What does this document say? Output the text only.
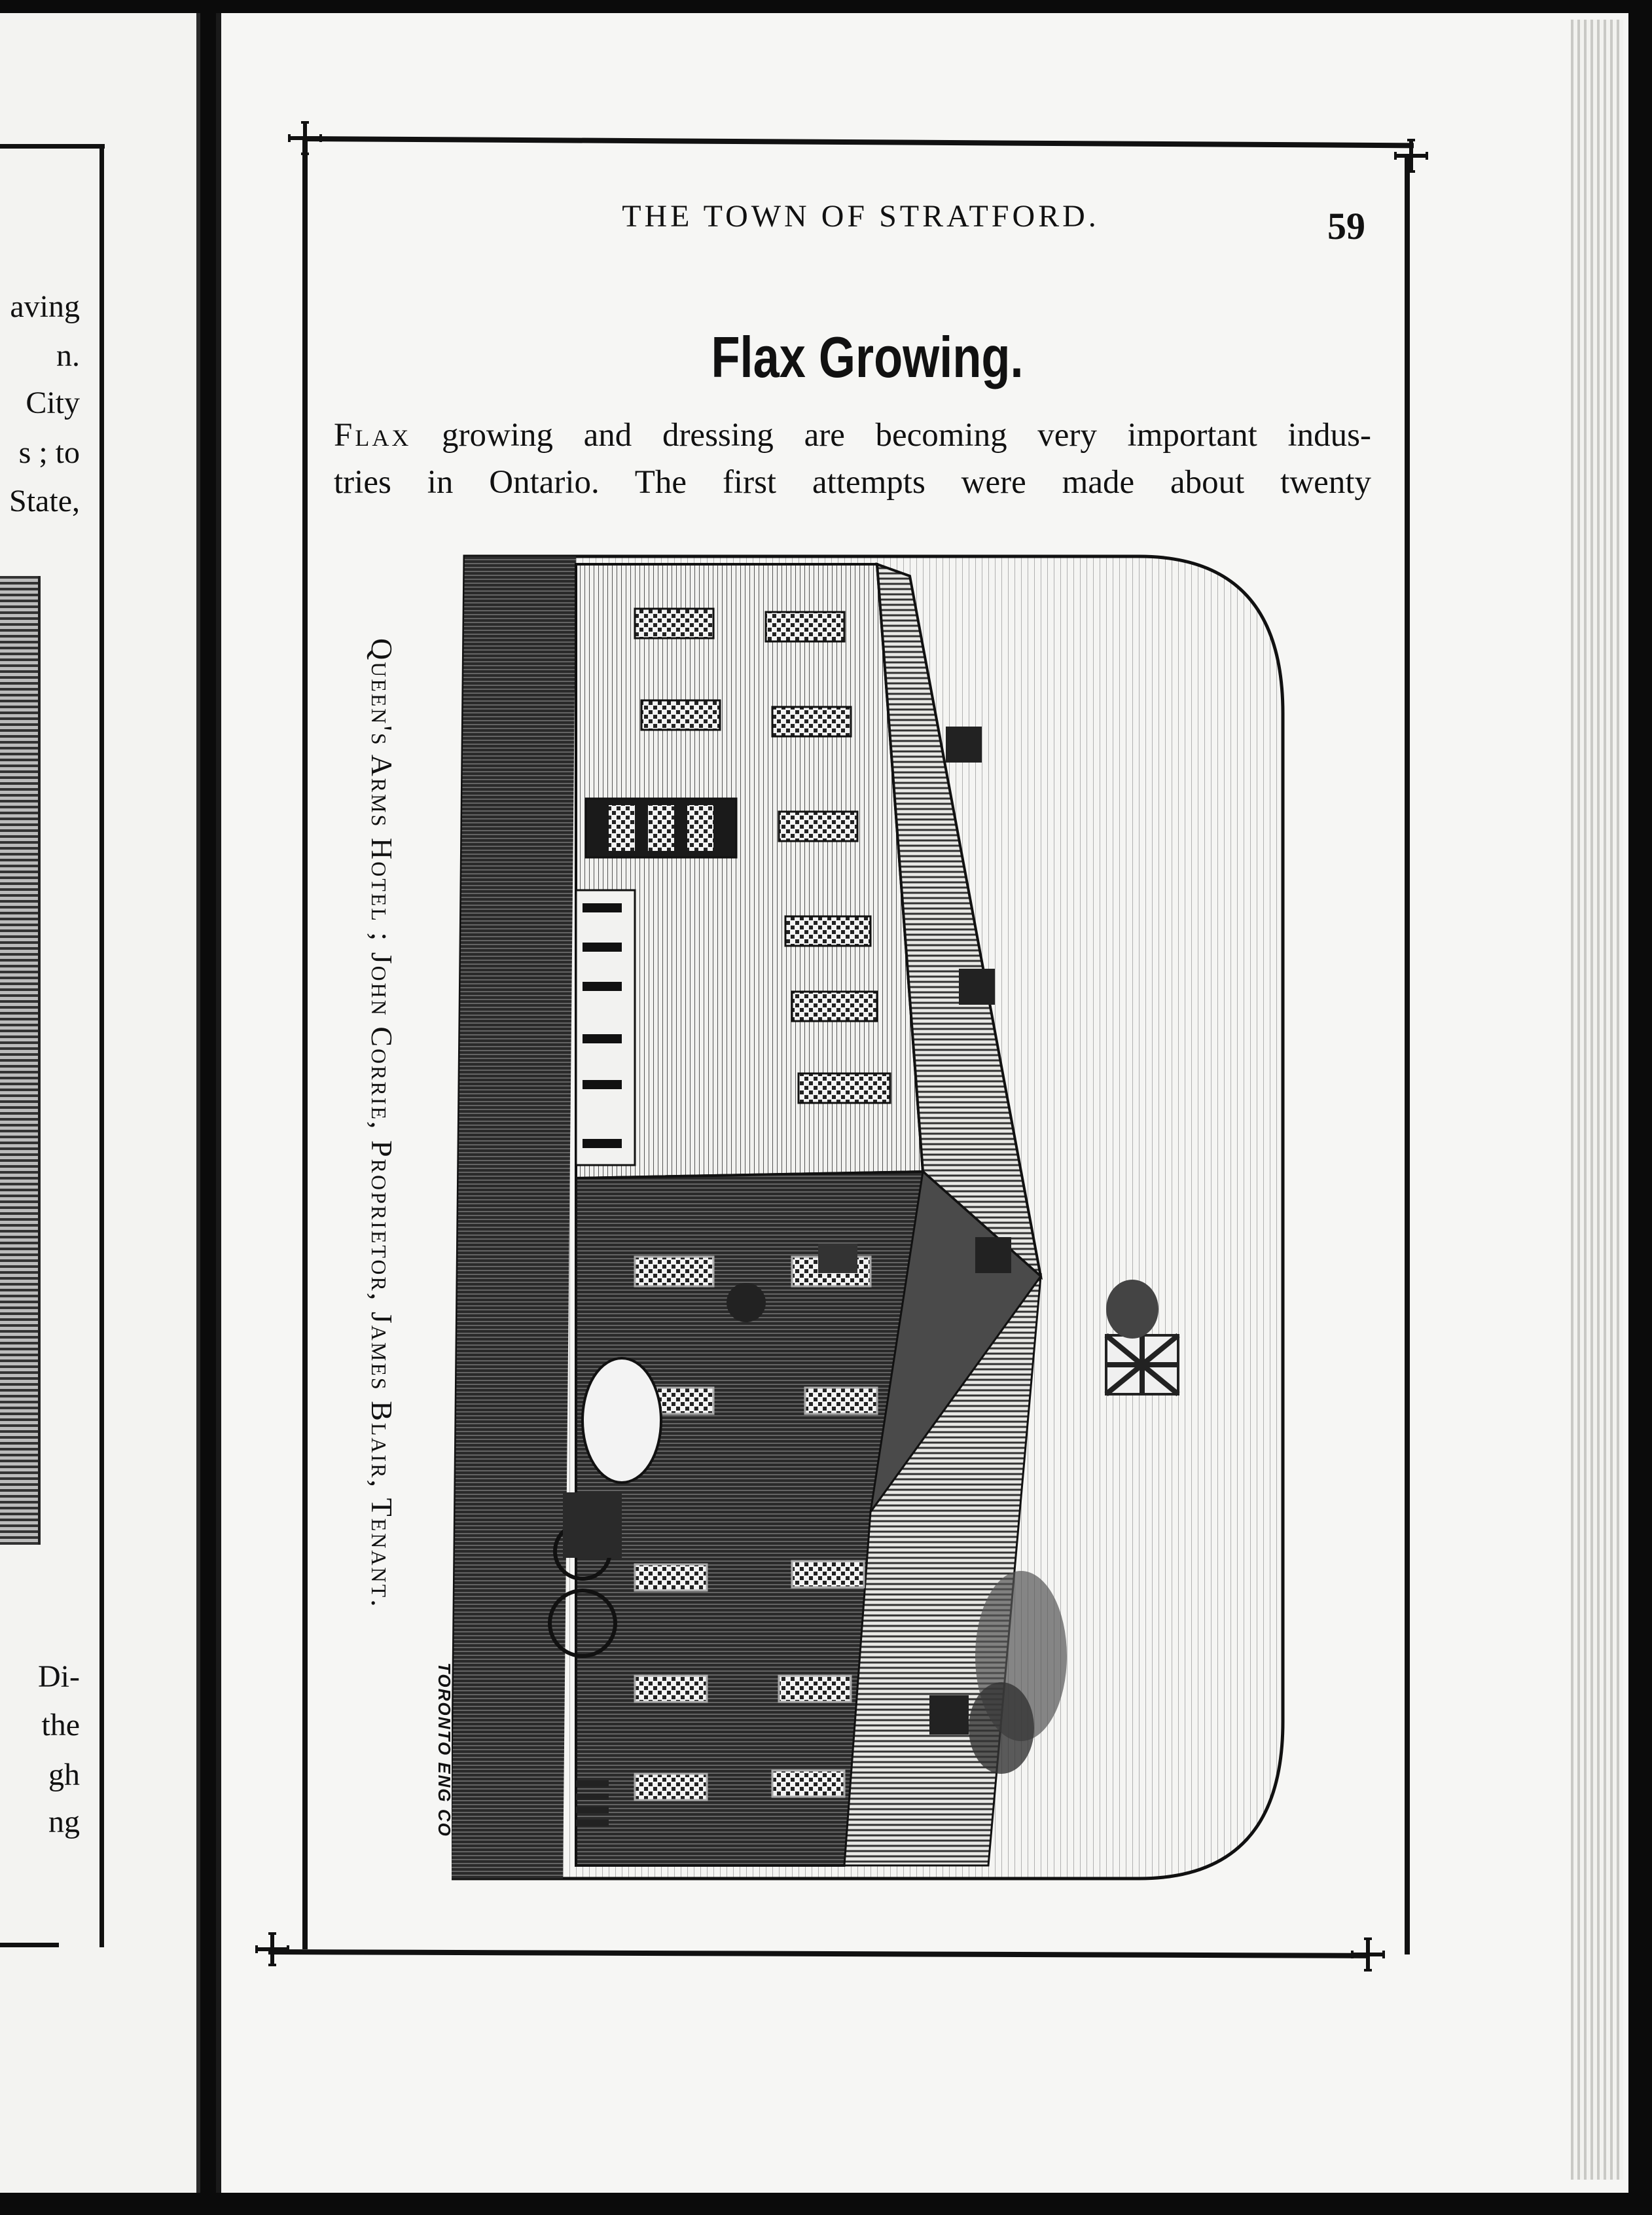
aving
n.
City
s ; to
State,
Di-
the
gh
ng
THE TOWN OF STRATFORD.	59
Flax Growing.
Flax growing and dressing are becoming very important indus-
tries in Ontario. The first attempts were made about twenty
Queen's Arms Hotel ; John Corrie, Proprietor, James Blair, Tenant.
TORONTO ENG CO
